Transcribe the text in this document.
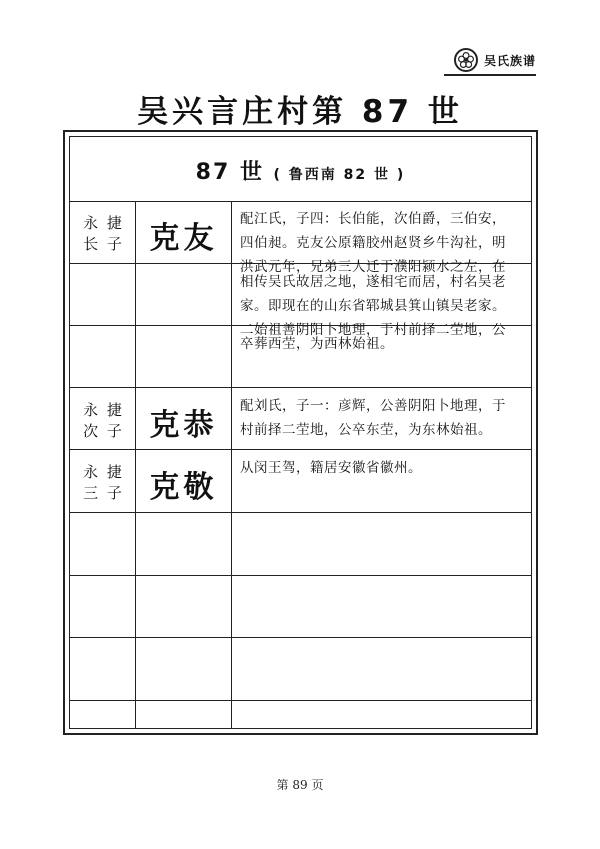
吴氏族谱
吴兴言庄村第 87 世
87 世 ( 鲁西南 82 世 )
永 捷
长 子 克友
配江氏，子四：长伯能，次伯爵，三伯安，
四伯昶。克友公原籍胶州赵贤乡牛沟社，明
洪武元年，兄弟三人迁于濮阳颍水之左，在
相传吴氏故居之地，遂相宅而居，村名吴老
家。即现在的山东省郓城县箕山镇吴老家。
二始祖善阴阳卜地理，于村前择二茔地，公
卒葬西茔，为西林始祖。
永 捷
次 子 克恭
配刘氏，子一：彦辉，公善阴阳卜地理，于
村前择二茔地，公卒东茔，为东林始祖。
永 捷
三 子 克敬
从闵王驾，籍居安徽省徽州。
第 89 页
